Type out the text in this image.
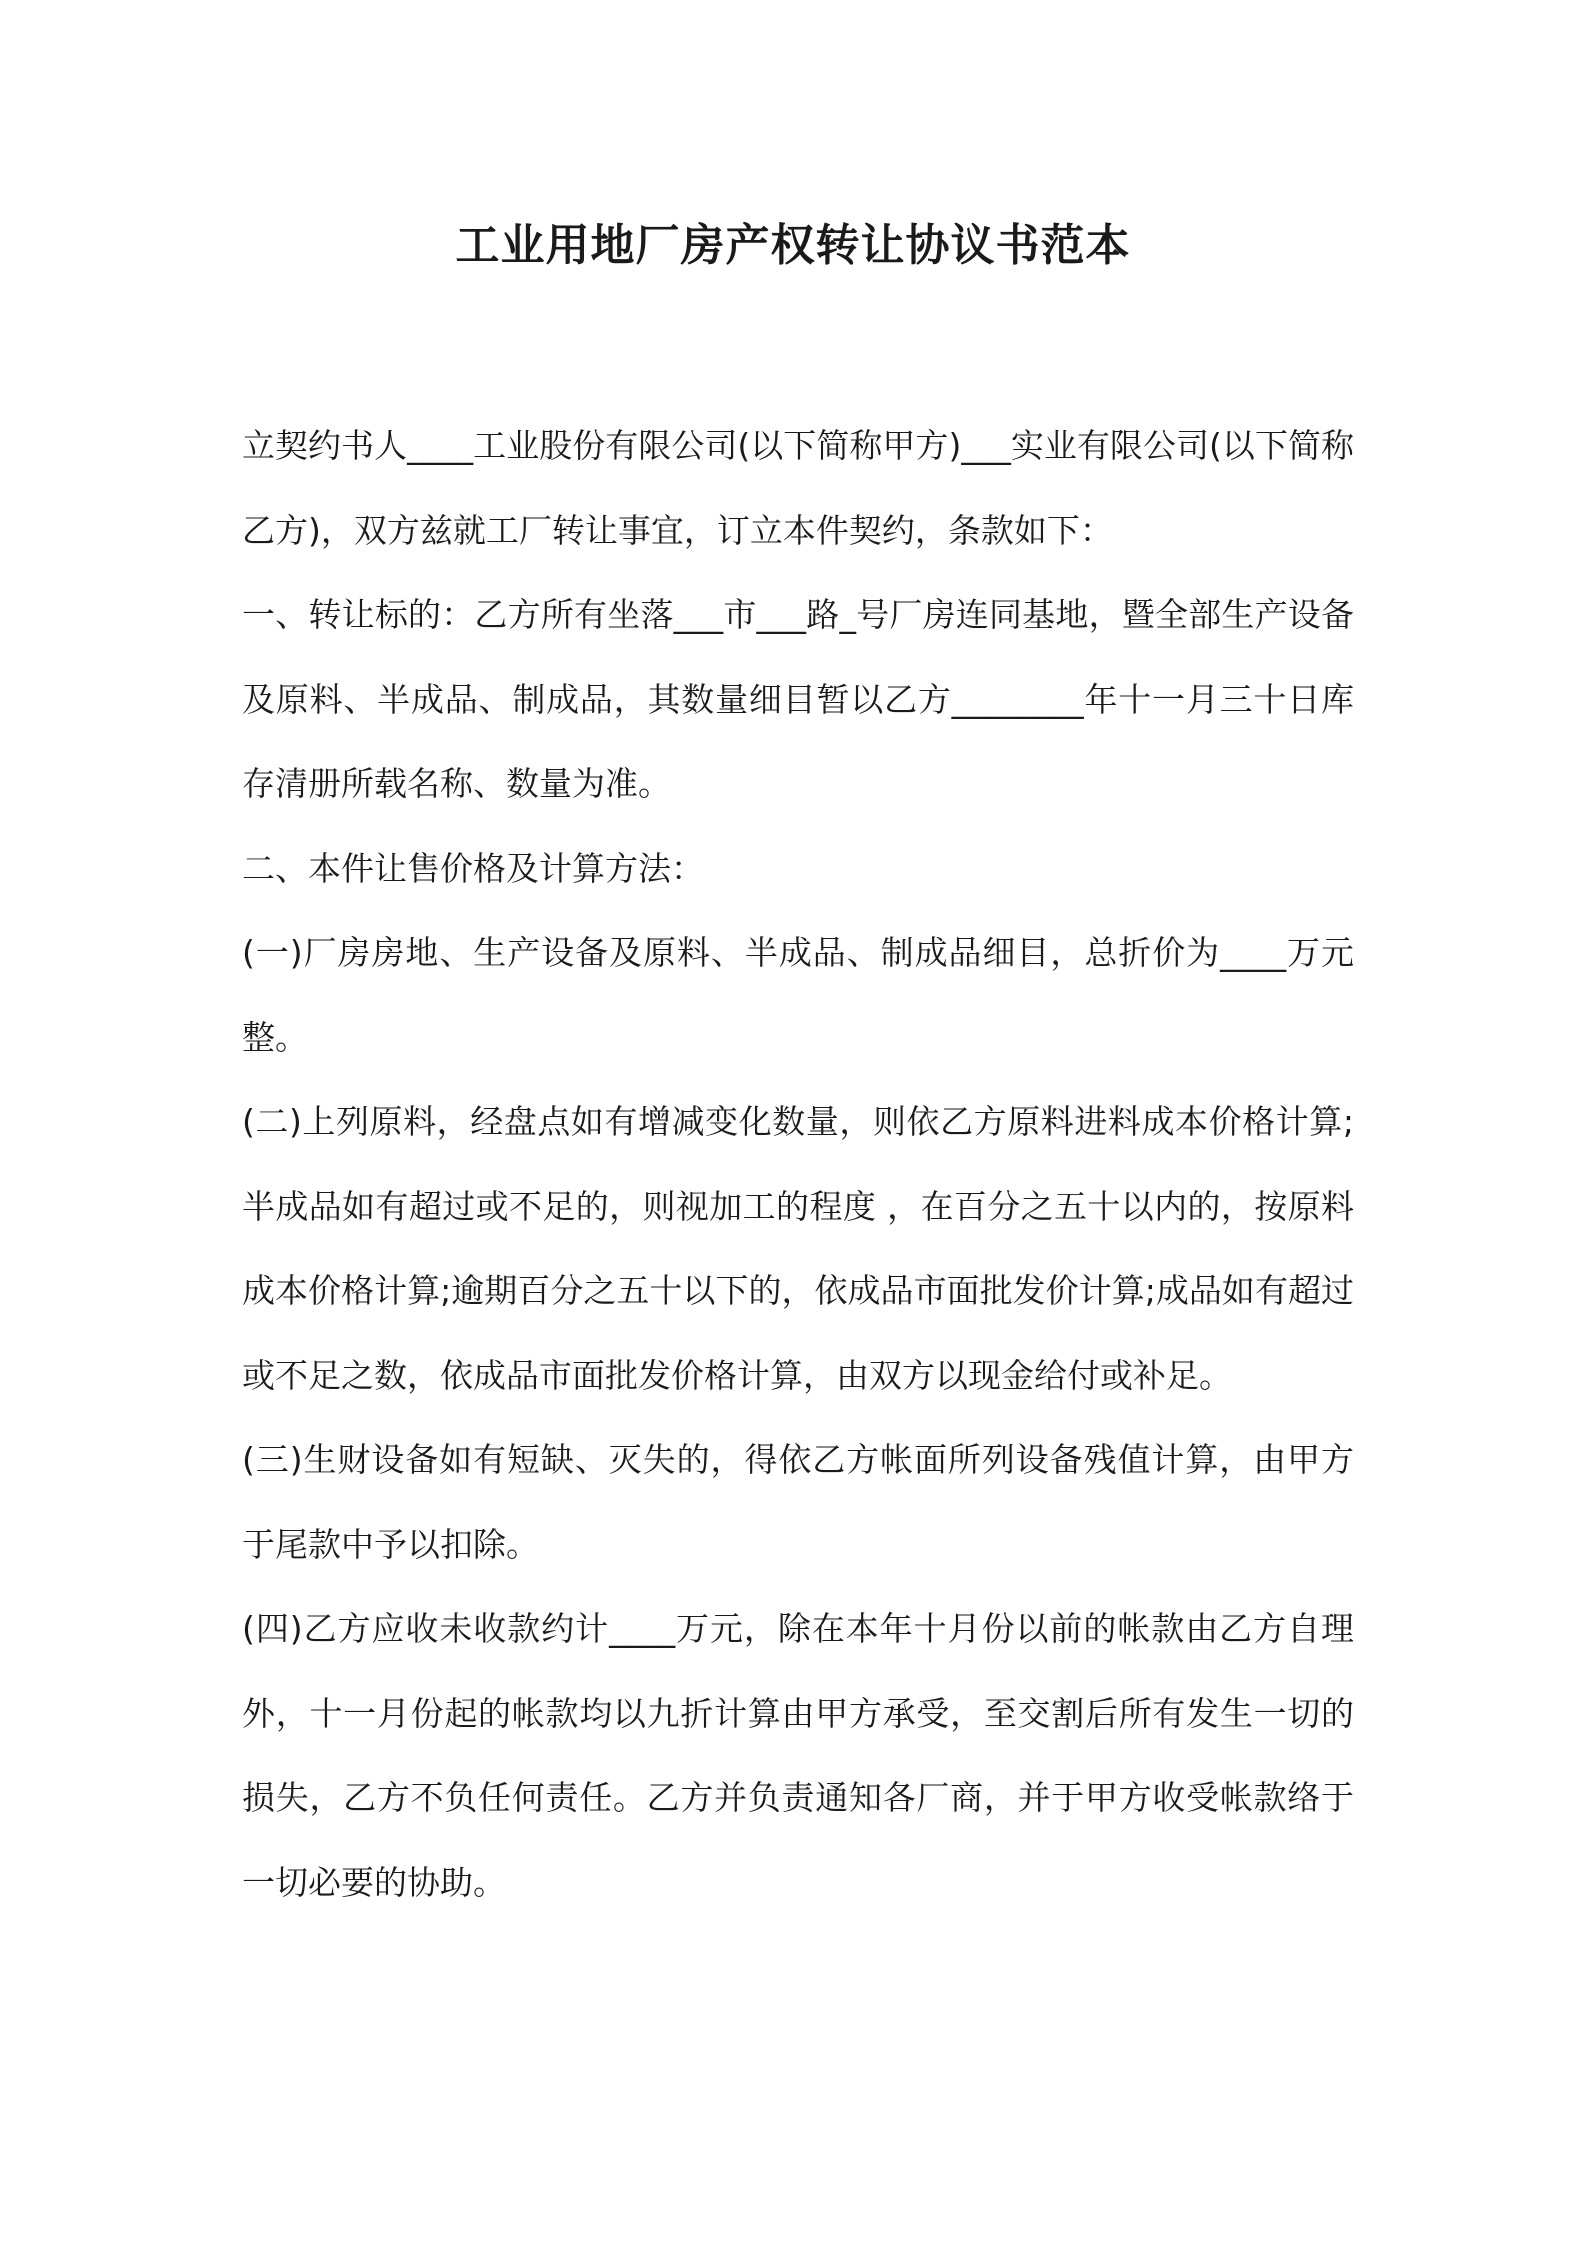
工业用地厂房产权转让协议书范本

立契约书人____工业股份有限公司(以下简称甲方)___实业有限公司(以下简称乙方)，双方兹就工厂转让事宜，订立本件契约，条款如下：

一、转让标的：乙方所有坐落___市___路_号厂房连同基地，暨全部生产设备及原料、半成品、制成品，其数量细目暂以乙方________年十一月三十日库存清册所载名称、数量为准。

二、本件让售价格及计算方法：

(一)厂房房地、生产设备及原料、半成品、制成品细目，总折价为____万元整。

(二)上列原料，经盘点如有增减变化数量，则依乙方原料进料成本价格计算;半成品如有超过或不足的，则视加工的程度 ，在百分之五十以内的，按原料成本价格计算;逾期百分之五十以下的，依成品市面批发价计算;成品如有超过或不足之数，依成品市面批发价格计算，由双方以现金给付或补足。

(三)生财设备如有短缺、灭失的，得依乙方帐面所列设备残值计算，由甲方于尾款中予以扣除。

(四)乙方应收未收款约计____万元，除在本年十月份以前的帐款由乙方自理外，十一月份起的帐款均以九折计算由甲方承受，至交割后所有发生一切的损失，乙方不负任何责任。乙方并负责通知各厂商，并于甲方收受帐款络于一切必要的协助。
